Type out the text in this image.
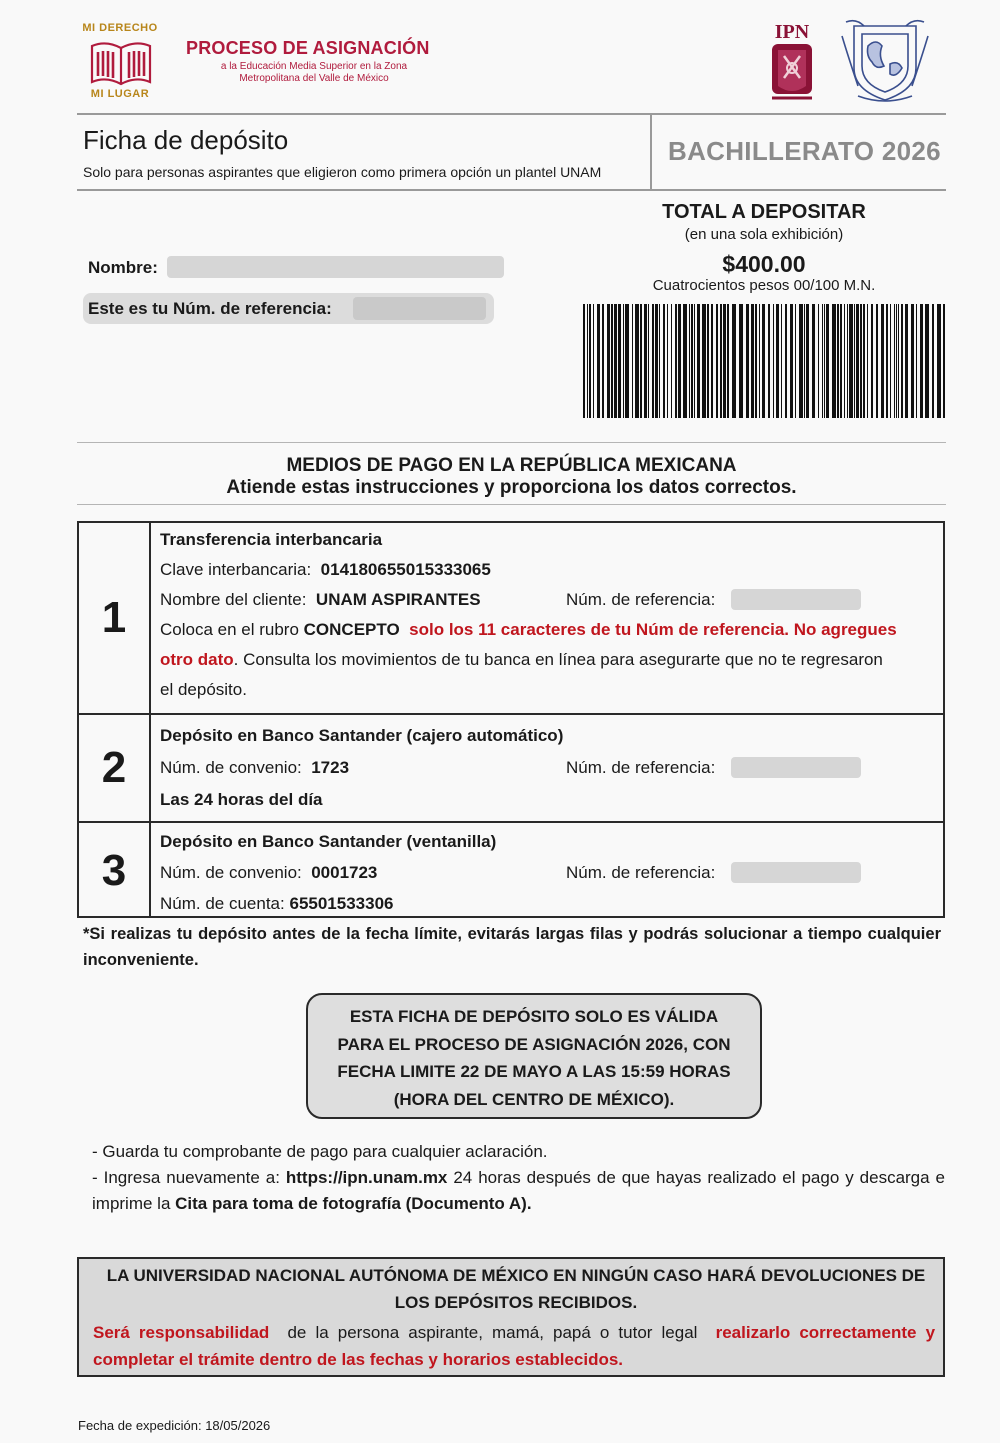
MI DERECHO
MI LUGAR
PROCESO DE ASIGNACIÓN
a la Educación Media Superior en la Zona
Metropolitana del Valle de México
IPN
Ficha de depósito
Solo para personas aspirantes que eligieron como primera opción un plantel UNAM
BACHILLERATO 2026
Nombre:
Este es tu Núm. de referencia:
TOTAL A DEPOSITAR
(en una sola exhibición)
$400.00
Cuatrocientos pesos 00/100 M.N.
MEDIOS DE PAGO EN LA REPÚBLICA MEXICANA
Atiende estas instrucciones y proporciona los datos correctos.
1
Transferencia interbancaria
Clave interbancaria: 014180655015333065
Nombre del cliente: UNAM ASPIRANTES	Núm. de referencia:
Coloca en el rubro CONCEPTO solo los 11 caracteres de tu Núm de referencia. No agregues
otro dato. Consulta los movimientos de tu banca en línea para asegurarte que no te regresaron
el depósito.
2
Depósito en Banco Santander (cajero automático)
Núm. de convenio: 1723	Núm. de referencia:
Las 24 horas del día
3
Depósito en Banco Santander (ventanilla)
Núm. de convenio: 0001723	Núm. de referencia:
Núm. de cuenta: 65501533306
*Si realizas tu depósito antes de la fecha límite, evitarás largas filas y podrás solucionar a tiempo cualquier inconveniente.
ESTA FICHA DE DEPÓSITO SOLO ES VÁLIDA
PARA EL PROCESO DE ASIGNACIÓN 2026, CON
FECHA LIMITE 22 DE MAYO A LAS 15:59 HORAS
(HORA DEL CENTRO DE MÉXICO).
- Guarda tu comprobante de pago para cualquier aclaración.
- Ingresa nuevamente a: https://ipn.unam.mx 24 horas después de que hayas realizado el pago y descarga e imprime la Cita para toma de fotografía (Documento A).
LA UNIVERSIDAD NACIONAL AUTÓNOMA DE MÉXICO EN NINGÚN CASO HARÁ DEVOLUCIONES DE LOS DEPÓSITOS RECIBIDOS.
Será responsabilidad de la persona aspirante, mamá, papá o tutor legal realizarlo correctamente y completar el trámite dentro de las fechas y horarios establecidos.
Fecha de expedición: 18/05/2026
